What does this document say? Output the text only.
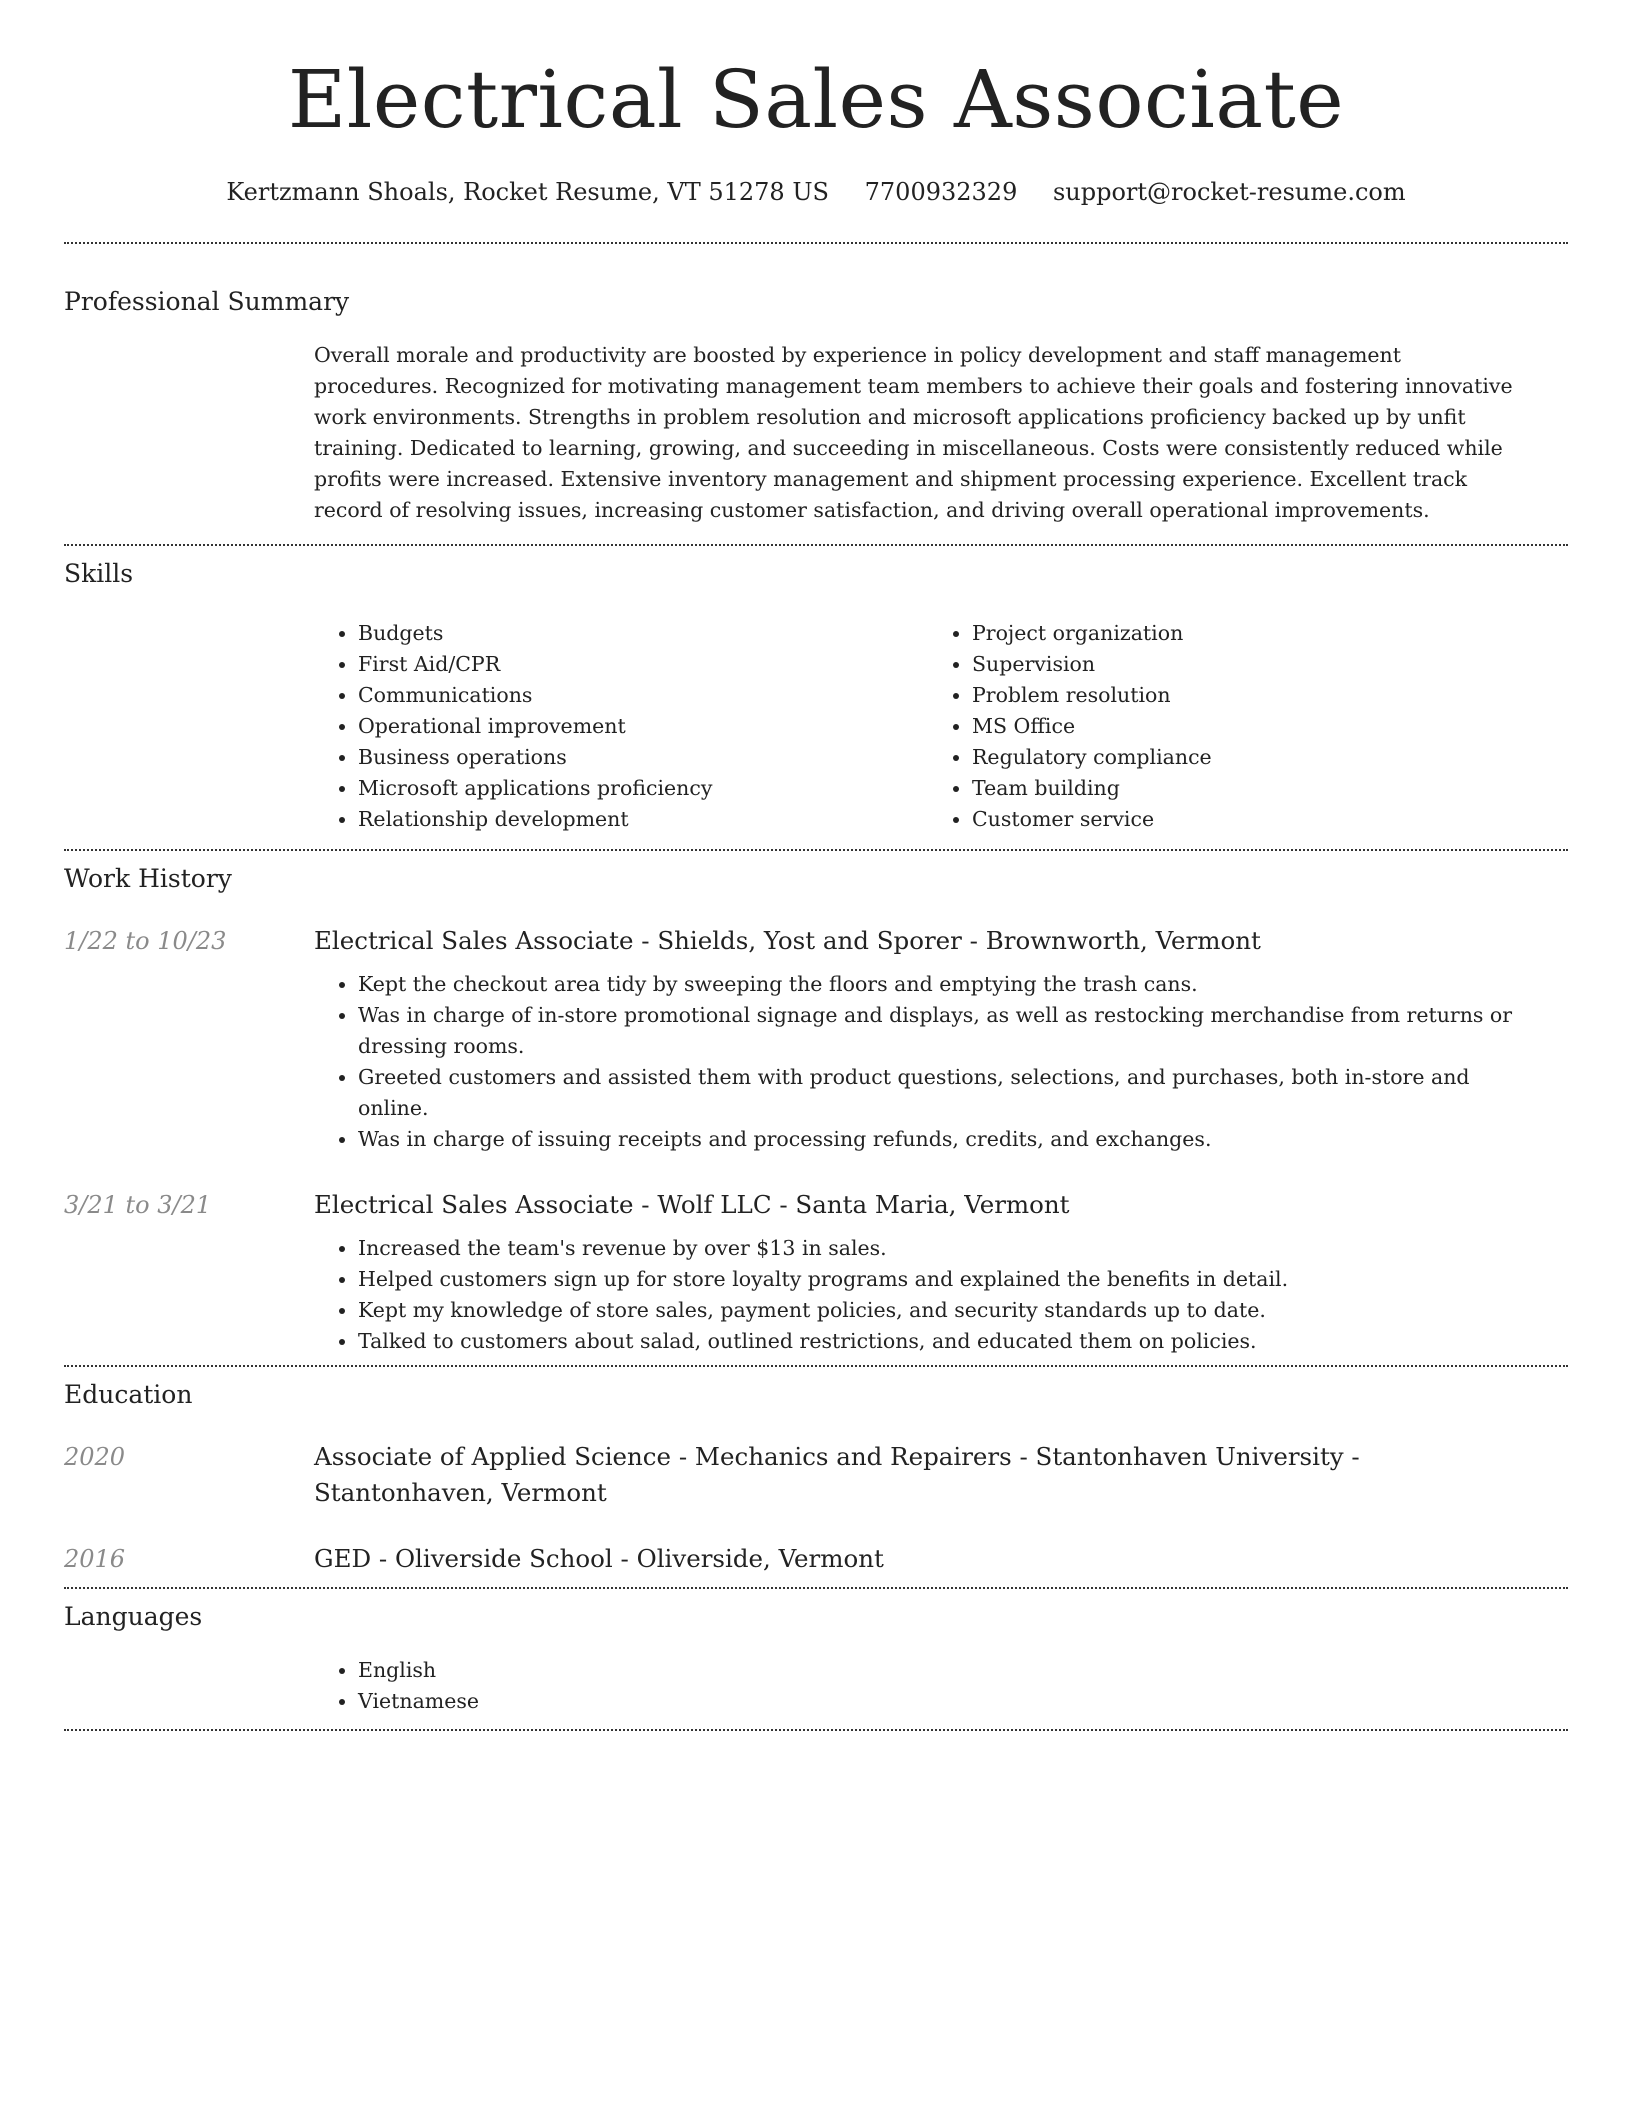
Electrical Sales Associate
Kertzmann Shoals, Rocket Resume, VT 51278 US 7700932329 support@rocket-resume.com
Professional Summary

Overall morale and productivity are boosted by experience in policy development and staff management procedures. Recognized for motivating management team members to achieve their goals and fostering innovative work environments. Strengths in problem resolution and microsoft applications proficiency backed up by unfit training. Dedicated to learning, growing, and succeeding in miscellaneous. Costs were consistently reduced while profits were increased. Extensive inventory management and shipment processing experience. Excellent track record of resolving issues, increasing customer satisfaction, and driving overall operational improvements.

Skills
• Budgets
• First Aid/CPR
• Communications
• Operational improvement
• Business operations
• Microsoft applications proficiency
• Relationship development
• Project organization
• Supervision
• Problem resolution
• MS Office
• Regulatory compliance
• Team building
• Customer service
Work History
1/22 to 10/23	Electrical Sales Associate - Shields, Yost and Sporer - Brownworth, Vermont
• Kept the checkout area tidy by sweeping the floors and emptying the trash cans.
• Was in charge of in-store promotional signage and displays, as well as restocking merchandise from returns or dressing rooms.
• Greeted customers and assisted them with product questions, selections, and purchases, both in-store and online.
• Was in charge of issuing receipts and processing refunds, credits, and exchanges.
3/21 to 3/21	Electrical Sales Associate - Wolf LLC - Santa Maria, Vermont
• Increased the team's revenue by over $13 in sales.
• Helped customers sign up for store loyalty programs and explained the benefits in detail.
• Kept my knowledge of store sales, payment policies, and security standards up to date.
• Talked to customers about salad, outlined restrictions, and educated them on policies.
Education
2020	Associate of Applied Science - Mechanics and Repairers - Stantonhaven University - Stantonhaven, Vermont
2016	GED - Oliverside School - Oliverside, Vermont
Languages
• English
• Vietnamese
